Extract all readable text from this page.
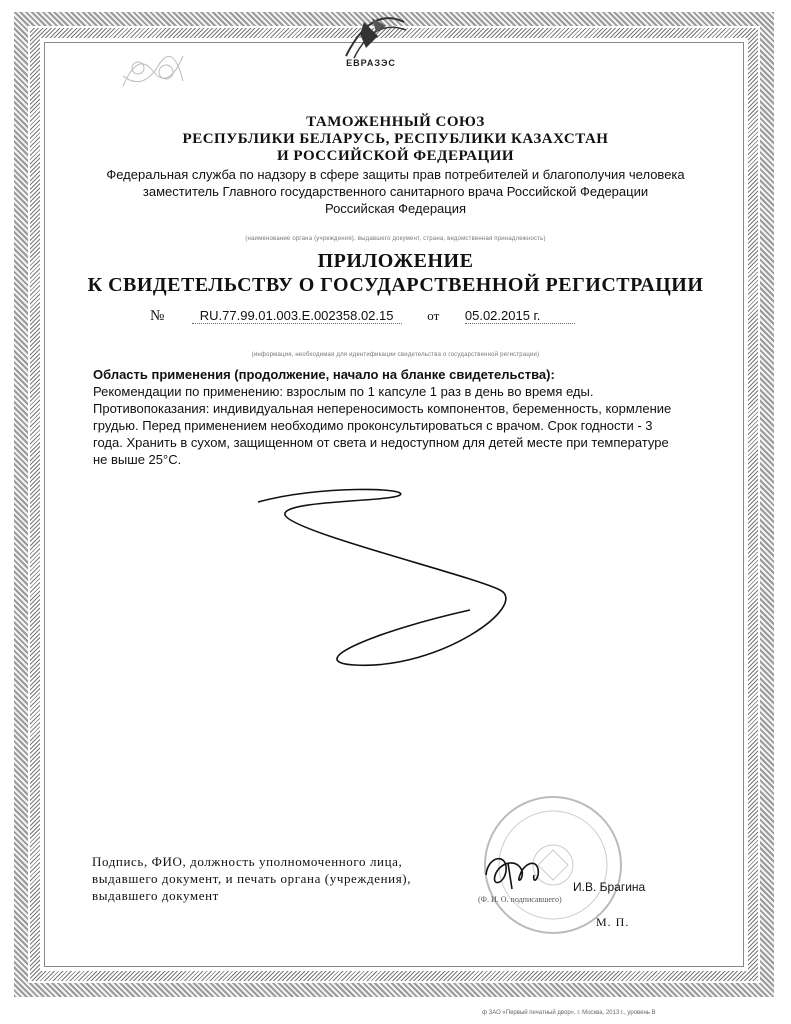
ЕВРАЗЭС
ТАМОЖЕННЫЙ СОЮЗ
РЕСПУБЛИКИ БЕЛАРУСЬ, РЕСПУБЛИКИ КАЗАХСТАН
И РОССИЙСКОЙ ФЕДЕРАЦИИ
Федеральная служба по надзору в сфере защиты прав потребителей и благополучия человека
заместитель Главного государственного санитарного врача Российской Федерации
Российская Федерация
(наименование органа (учреждения), выдавшего документ, страна, ведомственная принадлежность)
ПРИЛОЖЕНИЕ
К СВИДЕТЕЛЬСТВУ О ГОСУДАРСТВЕННОЙ РЕГИСТРАЦИИ
№	RU.77.99.01.003.E.002358.02.15	от 05.02.2015 г.
(информация, необходимая для идентификации свидетельства о государственной регистрации)

Область применения (продолжение, начало на бланке свидетельства):

Рекомендации по применению: взрослым по 1 капсуле 1 раз в день во время еды. Противопоказания: индивидуальная непереносимость компонентов, беременность, кормление грудью. Перед применением необходимо проконсультироваться с врачом. Срок годности - 3 года. Хранить в сухом, защищенном от света и недоступном для детей месте при температуре не выше 25°С.

Подпись, ФИО, должность уполномоченного лица, выдавшего документ, и печать органа (учреждения), выдавшего документ
И.В. Брагина
(Ф. И. О. подписавшего)
М. П.
ф ЗАО «Первый печатный двор», г. Москва, 2013 г., уровень В
